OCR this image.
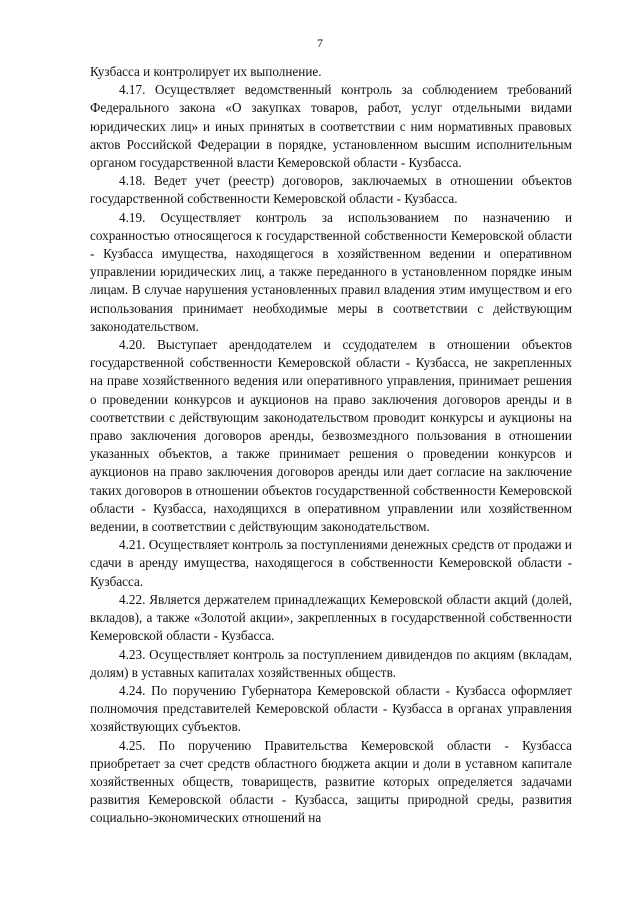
7

Кузбасса и контролирует их выполнение.

4.17. Осуществляет ведомственный контроль за соблюдением требований Федерального закона «О закупках товаров, работ, услуг отдельными видами юридических лиц» и иных принятых в соответствии с ним нормативных правовых актов Российской Федерации в порядке, установленном высшим исполнительным органом государственной власти Кемеровской области - Кузбасса.

4.18. Ведет учет (реестр) договоров, заключаемых в отношении объектов государственной собственности Кемеровской области - Кузбасса.

4.19. Осуществляет контроль за использованием по назначению и сохранностью относящегося к государственной собственности Кемеровской области - Кузбасса имущества, находящегося в хозяйственном ведении и оперативном управлении юридических лиц, а также переданного в установленном порядке иным лицам. В случае нарушения установленных правил владения этим имуществом и его использования принимает необходимые меры в соответствии с действующим законодательством.

4.20. Выступает арендодателем и ссудодателем в отношении объектов государственной собственности Кемеровской области - Кузбасса, не закрепленных на праве хозяйственного ведения или оперативного управления, принимает решения о проведении конкурсов и аукционов на право заключения договоров аренды и в соответствии с действующим законодательством проводит конкурсы и аукционы на право заключения договоров аренды, безвозмездного пользования в отношении указанных объектов, а также принимает решения о проведении конкурсов и аукционов на право заключения договоров аренды или дает согласие на заключение таких договоров в отношении объектов государственной собственности Кемеровской области - Кузбасса, находящихся в оперативном управлении или хозяйственном ведении, в соответствии с действующим законодательством.

4.21. Осуществляет контроль за поступлениями денежных средств от продажи и сдачи в аренду имущества, находящегося в собственности Кемеровской области - Кузбасса.

4.22. Является держателем принадлежащих Кемеровской области акций (долей, вкладов), а также «Золотой акции», закрепленных в государственной собственности Кемеровской области - Кузбасса.

4.23. Осуществляет контроль за поступлением дивидендов по акциям (вкладам, долям) в уставных капиталах хозяйственных обществ.

4.24. По поручению Губернатора Кемеровской области - Кузбасса оформляет полномочия представителей Кемеровской области - Кузбасса в органах управления хозяйствующих субъектов.

4.25. По поручению Правительства Кемеровской области - Кузбасса приобретает за счет средств областного бюджета акции и доли в уставном капитале хозяйственных обществ, товариществ, развитие которых определяется задачами развития Кемеровской области - Кузбасса, защиты природной среды, развития социально-экономических отношений на
